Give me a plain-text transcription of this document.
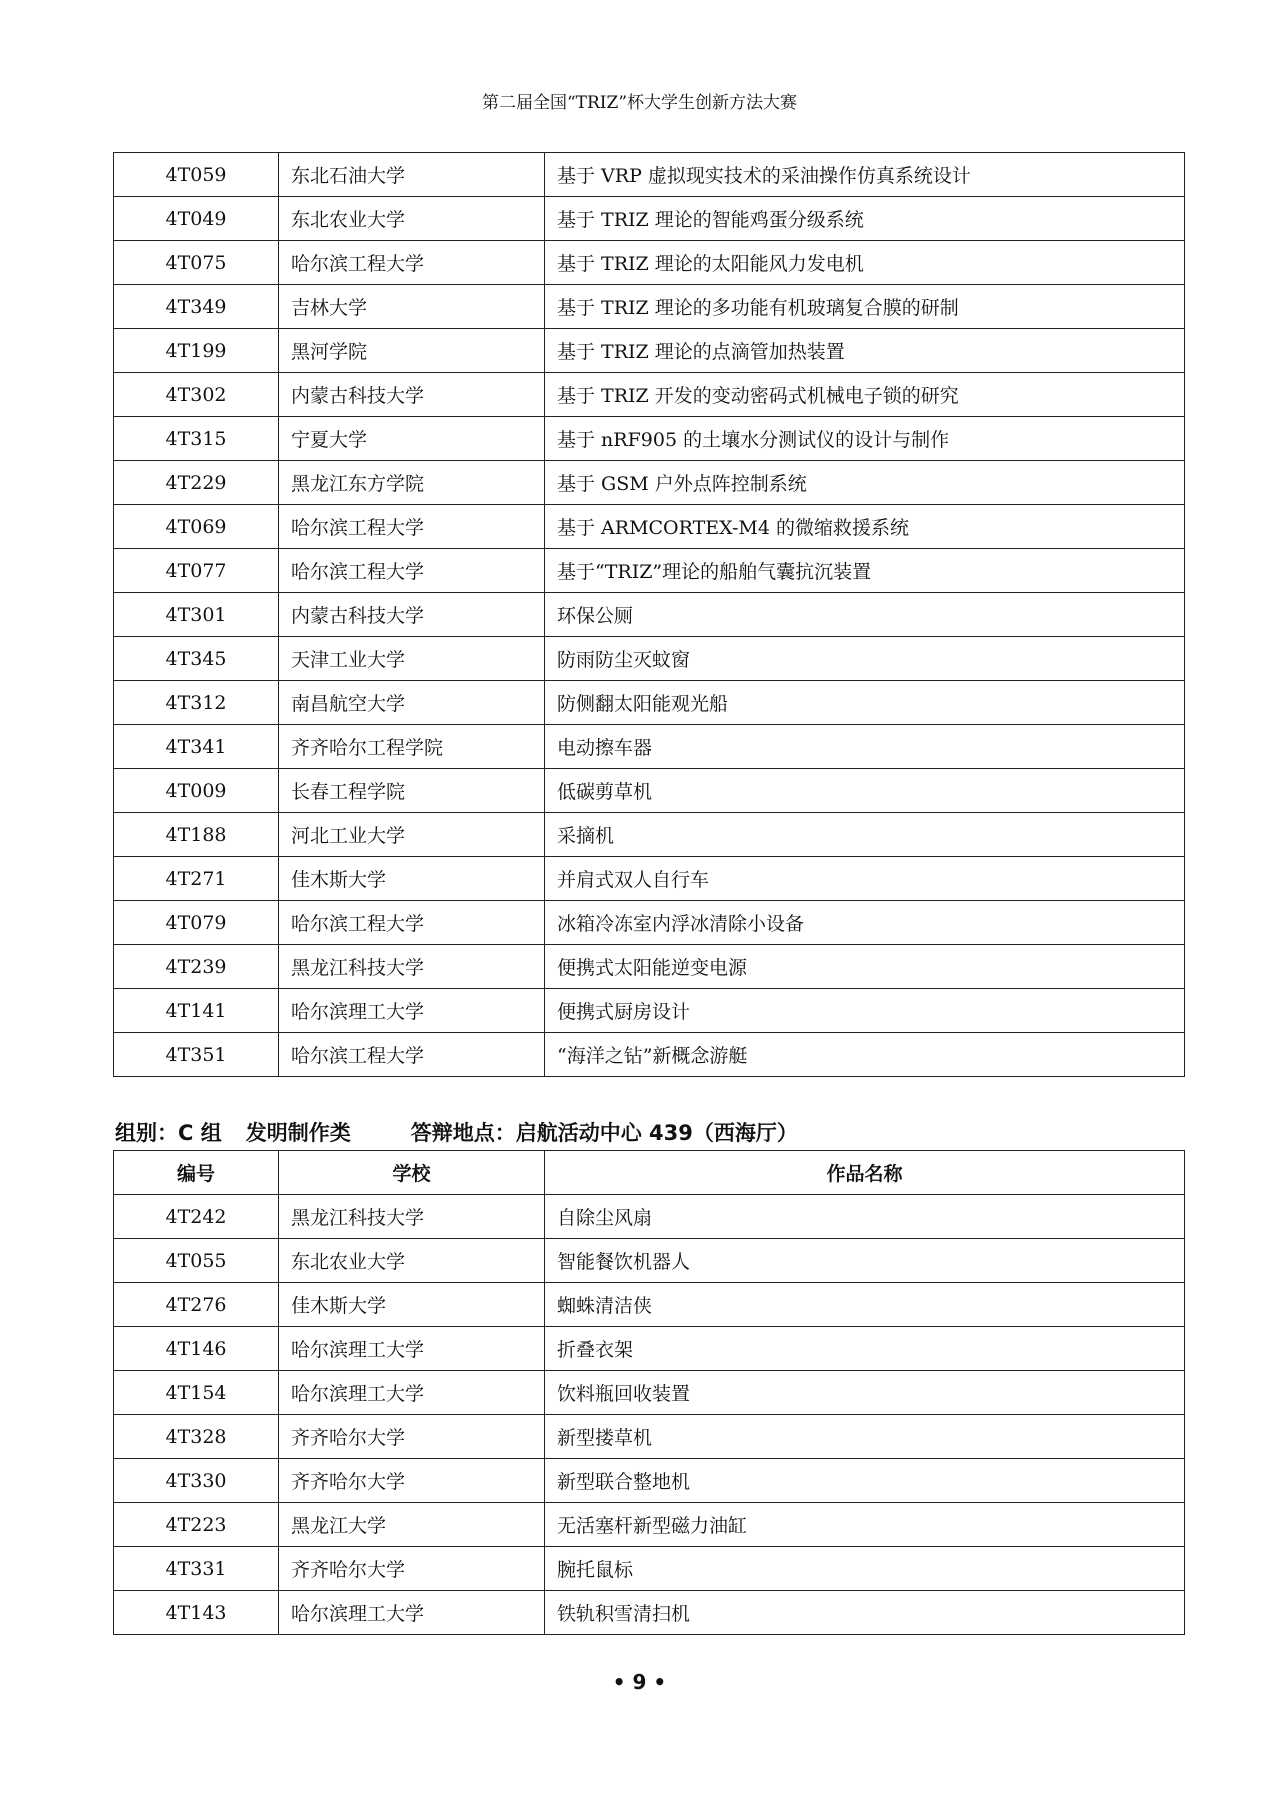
第二届全国“TRIZ”杯大学生创新方法大赛
4T059	东北石油大学	基于 VRP 虚拟现实技术的采油操作仿真系统设计
4T049	东北农业大学	基于 TRIZ 理论的智能鸡蛋分级系统
4T075	哈尔滨工程大学	基于 TRIZ 理论的太阳能风力发电机
4T349	吉林大学	基于 TRIZ 理论的多功能有机玻璃复合膜的研制
4T199	黑河学院	基于 TRIZ 理论的点滴管加热装置
4T302	内蒙古科技大学	基于 TRIZ 开发的变动密码式机械电子锁的研究
4T315	宁夏大学	基于 nRF905 的土壤水分测试仪的设计与制作
4T229	黑龙江东方学院	基于 GSM 户外点阵控制系统
4T069	哈尔滨工程大学	基于 ARMCORTEX-M4 的微缩救援系统
4T077	哈尔滨工程大学	基于“TRIZ”理论的船舶气囊抗沉装置
4T301	内蒙古科技大学	环保公厕
4T345	天津工业大学	防雨防尘灭蚊窗
4T312	南昌航空大学	防侧翻太阳能观光船
4T341	齐齐哈尔工程学院	电动擦车器
4T009	长春工程学院	低碳剪草机
4T188	河北工业大学	采摘机
4T271	佳木斯大学	并肩式双人自行车
4T079	哈尔滨工程大学	冰箱冷冻室内浮冰清除小设备
4T239	黑龙江科技大学	便携式太阳能逆变电源
4T141	哈尔滨理工大学	便携式厨房设计
4T351	哈尔滨工程大学	“海洋之钻”新概念游艇
组别：C 组 发明制作类	答辩地点：启航活动中心 439（西海厅）
编号	学校	作品名称
4T242	黑龙江科技大学	自除尘风扇
4T055	东北农业大学	智能餐饮机器人
4T276	佳木斯大学	蜘蛛清洁侠
4T146	哈尔滨理工大学	折叠衣架
4T154	哈尔滨理工大学	饮料瓶回收装置
4T328	齐齐哈尔大学	新型搂草机
4T330	齐齐哈尔大学	新型联合整地机
4T223	黑龙江大学	无活塞杆新型磁力油缸
4T331	齐齐哈尔大学	腕托鼠标
4T143	哈尔滨理工大学	铁轨积雪清扫机
• 9 •
